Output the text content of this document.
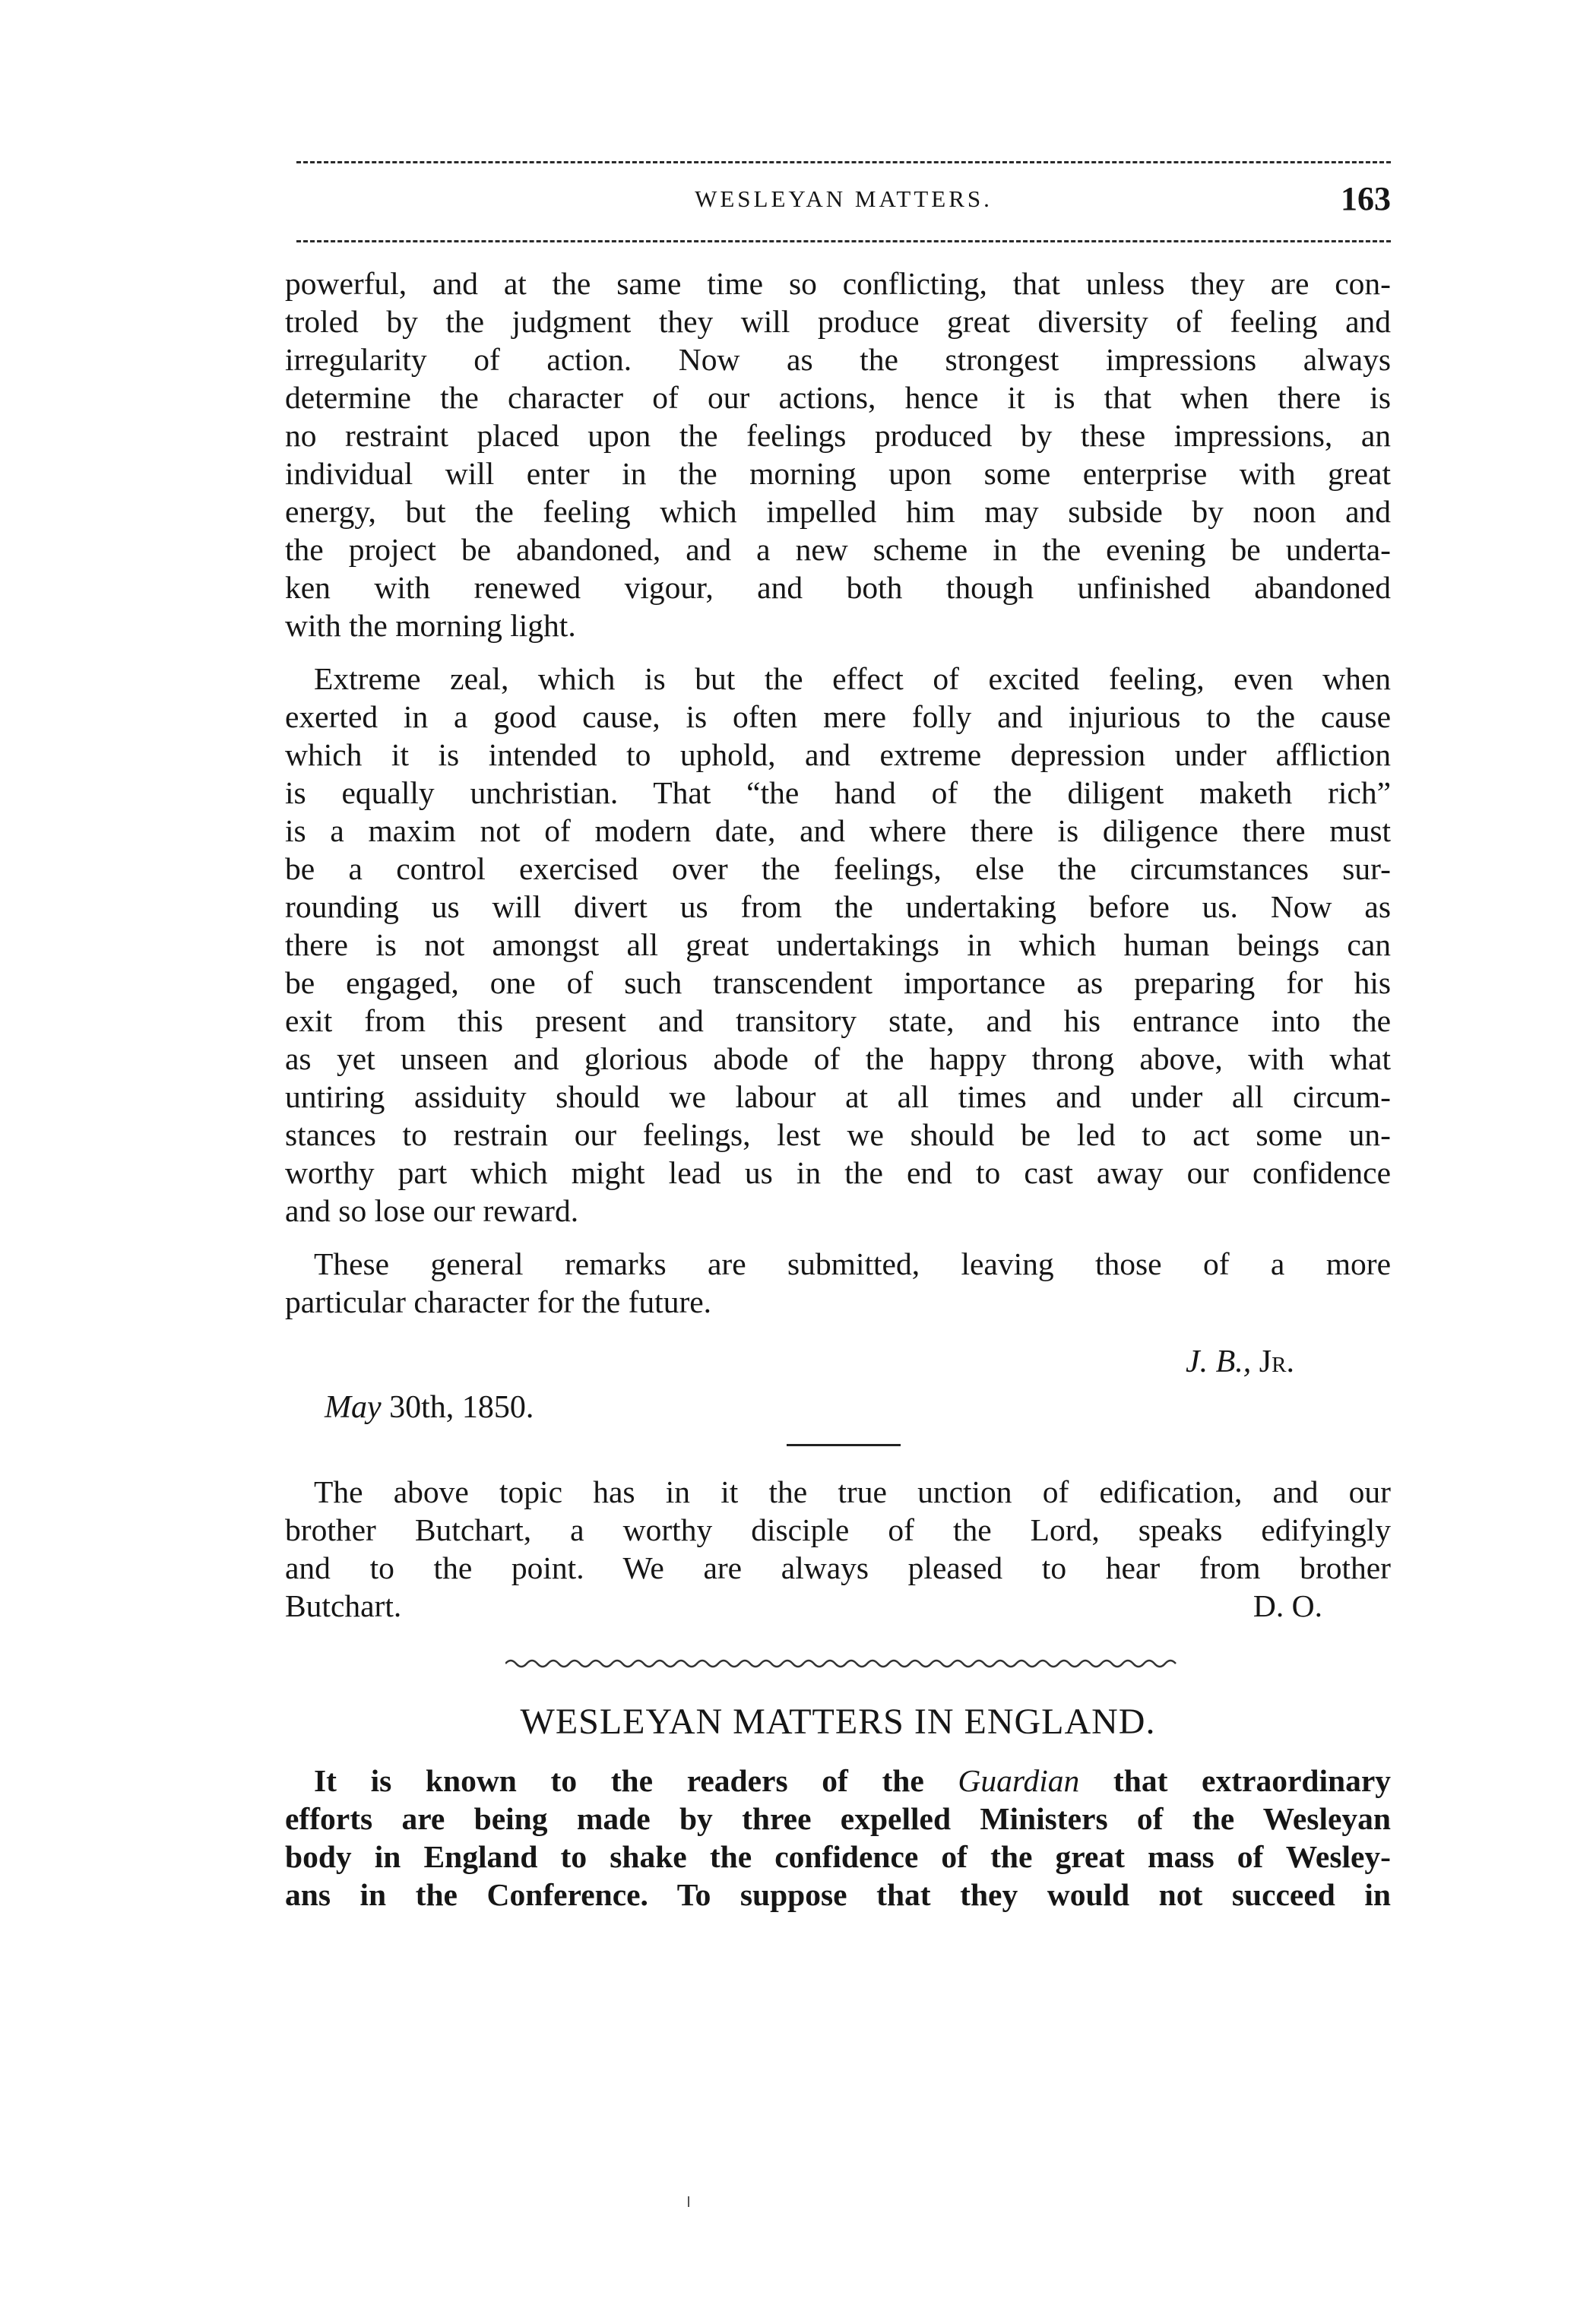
WESLEYAN MATTERS.	163
powerful, and at the same time so conflicting, that unless they are con-
troled by the judgment they will produce great diversity of feeling and
irregularity of action. Now as the strongest impressions always
determine the character of our actions, hence it is that when there is
no restraint placed upon the feelings produced by these impressions, an
individual will enter in the morning upon some enterprise with great
energy, but the feeling which impelled him may subside by noon and
the project be abandoned, and a new scheme in the evening be underta-
ken with renewed vigour, and both though unfinished abandoned
with the morning light.
Extreme zeal, which is but the effect of excited feeling, even when
exerted in a good cause, is often mere folly and injurious to the cause
which it is intended to uphold, and extreme depression under affliction
is equally unchristian. That “the hand of the diligent maketh rich”
is a maxim not of modern date, and where there is diligence there must
be a control exercised over the feelings, else the circumstances sur-
rounding us will divert us from the undertaking before us. Now as
there is not amongst all great undertakings in which human beings can
be engaged, one of such transcendent importance as preparing for his
exit from this present and transitory state, and his entrance into the
as yet unseen and glorious abode of the happy throng above, with what
untiring assiduity should we labour at all times and under all circum-
stances to restrain our feelings, lest we should be led to act some un-
worthy part which might lead us in the end to cast away our confidence
and so lose our reward.
These general remarks are submitted, leaving those of a more
particular character for the future.
J. B., Jr.
May 30th, 1850.
The above topic has in it the true unction of edification, and our
brother Butchart, a worthy disciple of the Lord, speaks edifyingly
and to the point. We are always pleased to hear from brother
Butchart.	D. O.
WESLEYAN MATTERS IN ENGLAND.
It is known to the readers of the Guardian that extraordinary
efforts are being made by three expelled Ministers of the Wesleyan
body in England to shake the confidence of the great mass of Wesley-
ans in the Conference. To suppose that they would not succeed in
